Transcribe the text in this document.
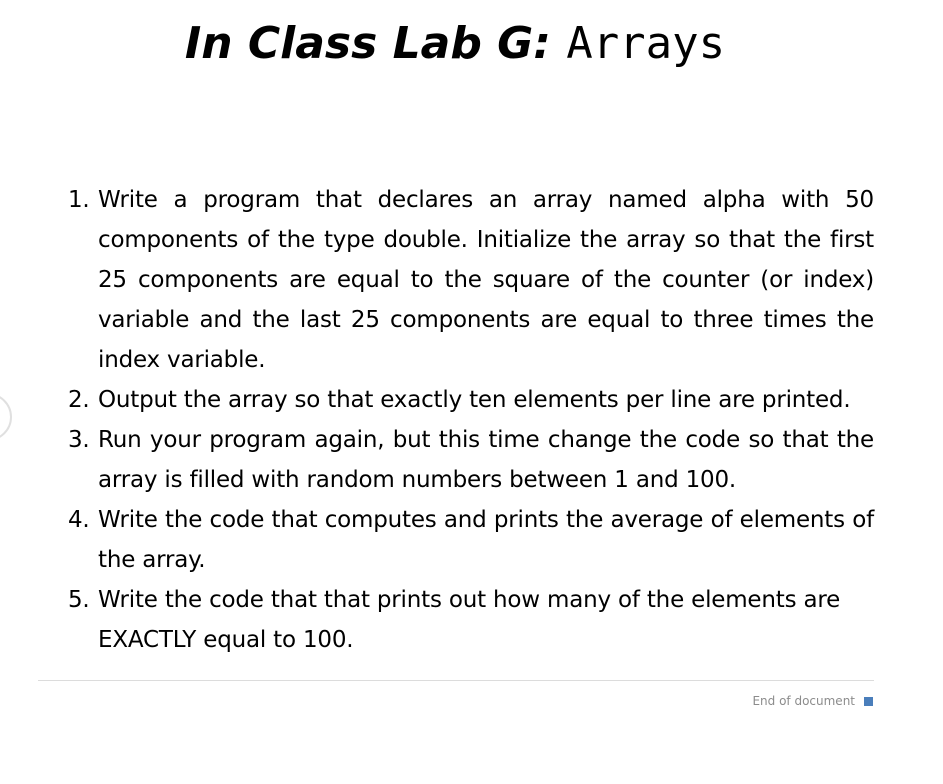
In Class Lab G: Arrays
1. Write a program that declares an array named alpha with 50 components of the type double. Initialize the array so that the first 25 components are equal to the square of the counter (or index) variable and the last 25 components are equal to three times the index variable.
2. Output the array so that exactly ten elements per line are printed.
3. Run your program again, but this time change the code so that the array is filled with random numbers between 1 and 100.
4. Write the code that computes and prints the average of elements of the array.
5. Write the code that that prints out how many of the elements are EXACTLY equal to 100.
End of document
